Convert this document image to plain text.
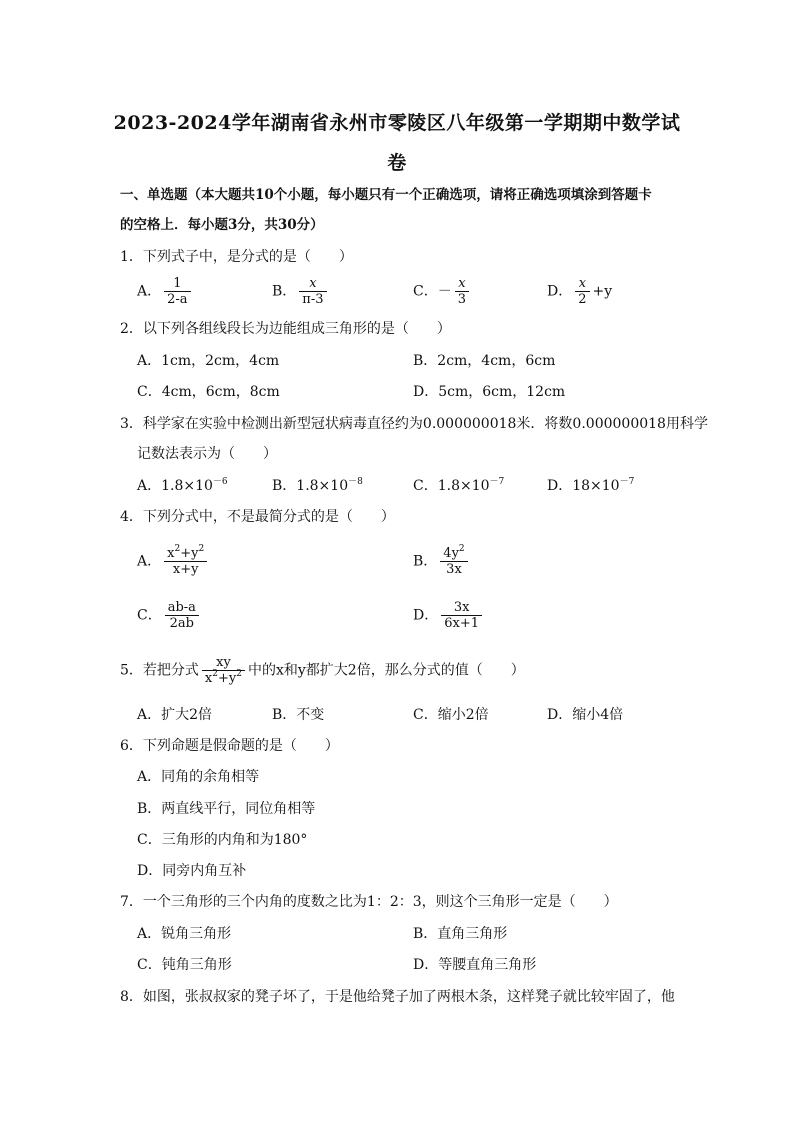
2023-2024学年湖南省永州市零陵区八年级第一学期期中数学试
卷
一、单选题（本大题共10个小题，每小题只有一个正确选项，请将正确选项填涂到答题卡
的空格上．每小题3分，共30分）
1．下列式子中，是分式的是（　　）
A． $\frac{1}{2-a}$	B． $\frac{x}{\pi-3}$	C．－ $\frac{x}{3}$	D． $\frac{x}{2} +y$
2．以下列各组线段长为边能组成三角形的是（　　）
A．1cm，2cm，4cm	B．2cm，4cm，6cm
C．4cm，6cm，8cm	D．5cm，6cm，12cm
3．科学家在实验中检测出新型冠状病毒直径约为0.000000018米．将数0.000000018用科学
记数法表示为（　　）
A．$1.8\times 10^{-6}$	B．$1.8\times 10^{-8}$	C．$1.8\times 10^{-7}$	D．$18\times 10^{-7}$
4．下列分式中，不是最简分式的是（　　）
A． $\frac{x^2+y^2}{x+y}$	B． $\frac{4y^2}{3x}$
C． $\frac{ab-a}{2ab}$	D． $\frac{3x}{6x+1}$
5．若把分式 $\frac{xy}{x^2+y^2}$ 中的x和y都扩大2倍，那么分式的值（　　）
A．扩大2倍	B．不变	C．缩小2倍	D．缩小4倍
6．下列命题是假命题的是（　　）
A．同角的余角相等
B．两直线平行，同位角相等
C．三角形的内角和为180°
D．同旁内角互补
7．一个三角形的三个内角的度数之比为1：2：3，则这个三角形一定是（　　）
A．锐角三角形	B．直角三角形
C．钝角三角形	D．等腰直角三角形
8．如图，张叔叔家的凳子坏了，于是他给凳子加了两根木条，这样凳子就比较牢固了，他
